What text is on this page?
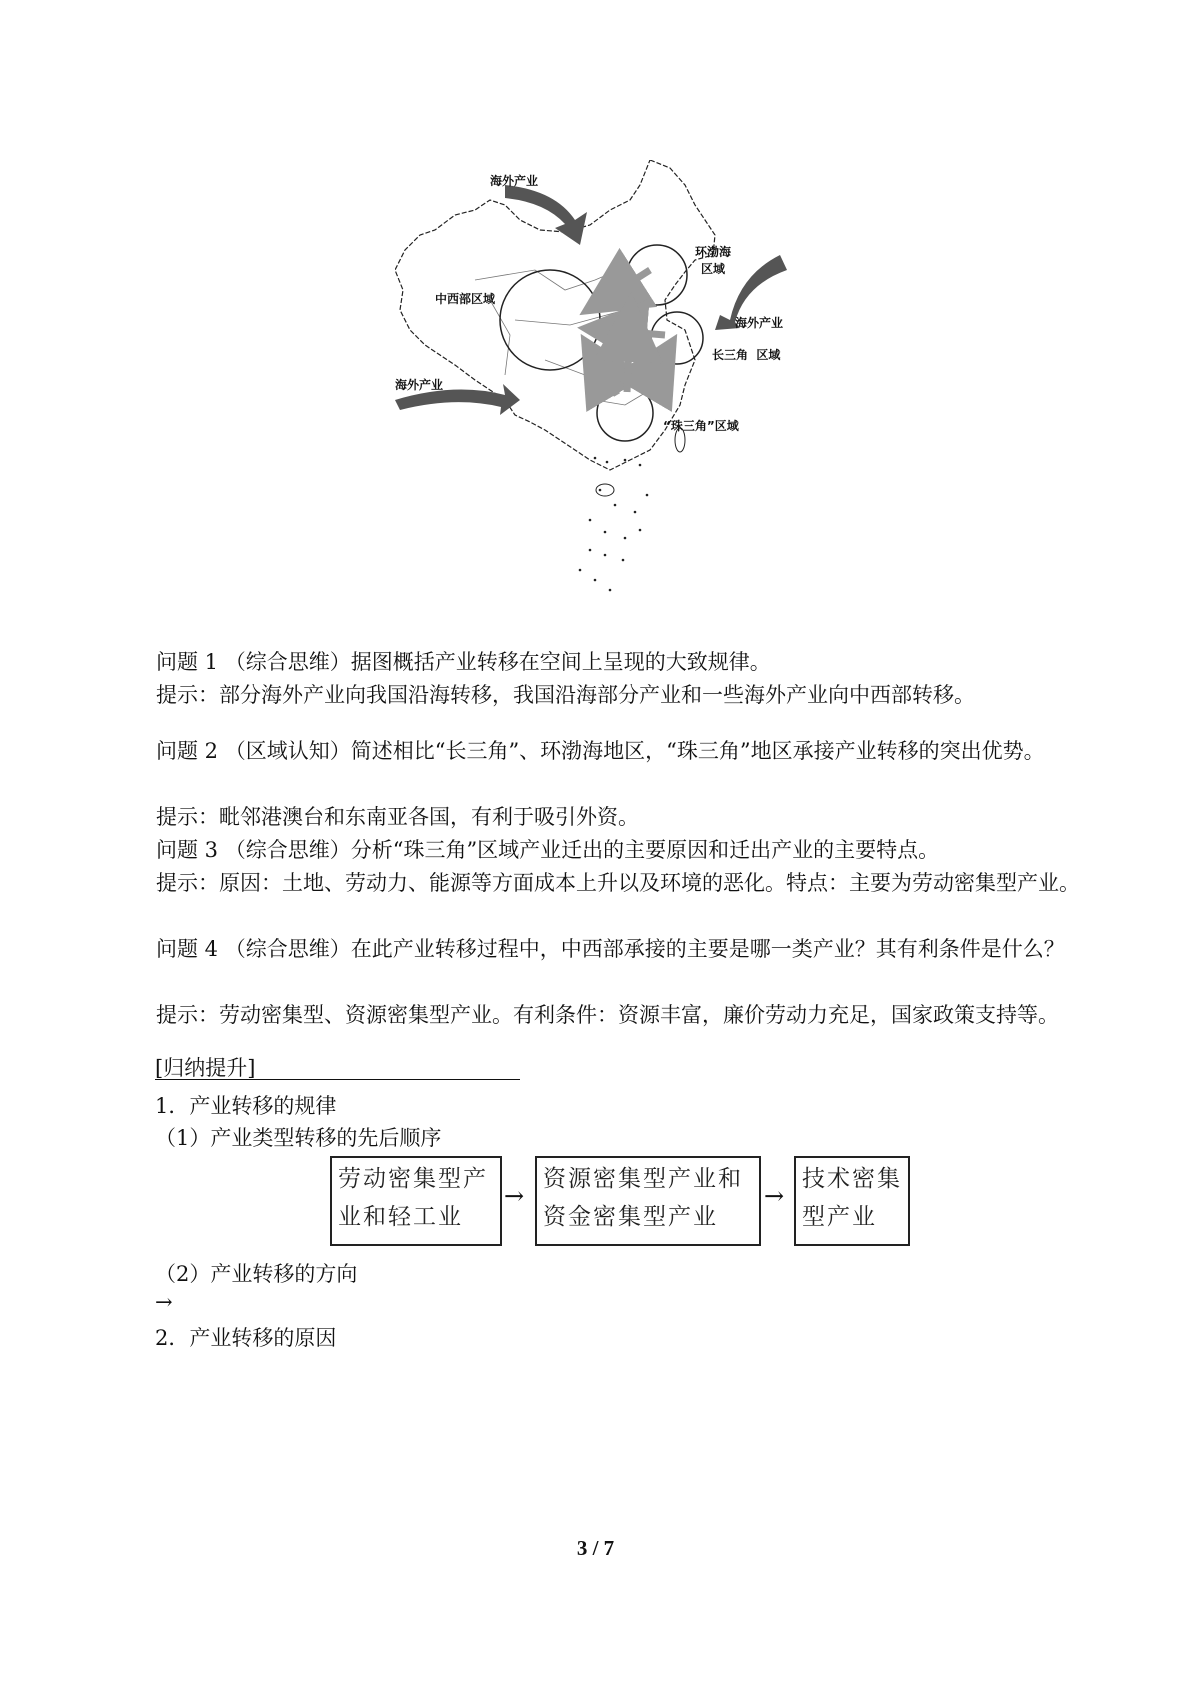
海外产业
环渤海
区域
中西部区域
海外产业
长三角  区域
海外产业
“珠三角”区域
问题 1 （综合思维）据图概括产业转移在空间上呈现的大致规律。
提示：部分海外产业向我国沿海转移，我国沿海部分产业和一些海外产业向中西部转移。
问题 2 （区域认知）简述相比“长三角”、环渤海地区，“珠三角”地区承接产业转移的突出优势。
提示：毗邻港澳台和东南亚各国，有利于吸引外资。
问题 3 （综合思维）分析“珠三角”区域产业迁出的主要原因和迁出产业的主要特点。
提示：原因：土地、劳动力、能源等方面成本上升以及环境的恶化。特点：主要为劳动密集型产业。
问题 4 （综合思维）在此产业转移过程中，中西部承接的主要是哪一类产业？其有利条件是什么？
提示：劳动密集型、资源密集型产业。有利条件：资源丰富，廉价劳动力充足，国家政策支持等。
[归纳提升]
1．产业转移的规律
（1）产业类型转移的先后顺序
劳动密集型产业和轻工业
→
资源密集型产业和资金密集型产业
→
技术密集型产业
（2）产业转移的方向
→
2．产业转移的原因
3 / 7
